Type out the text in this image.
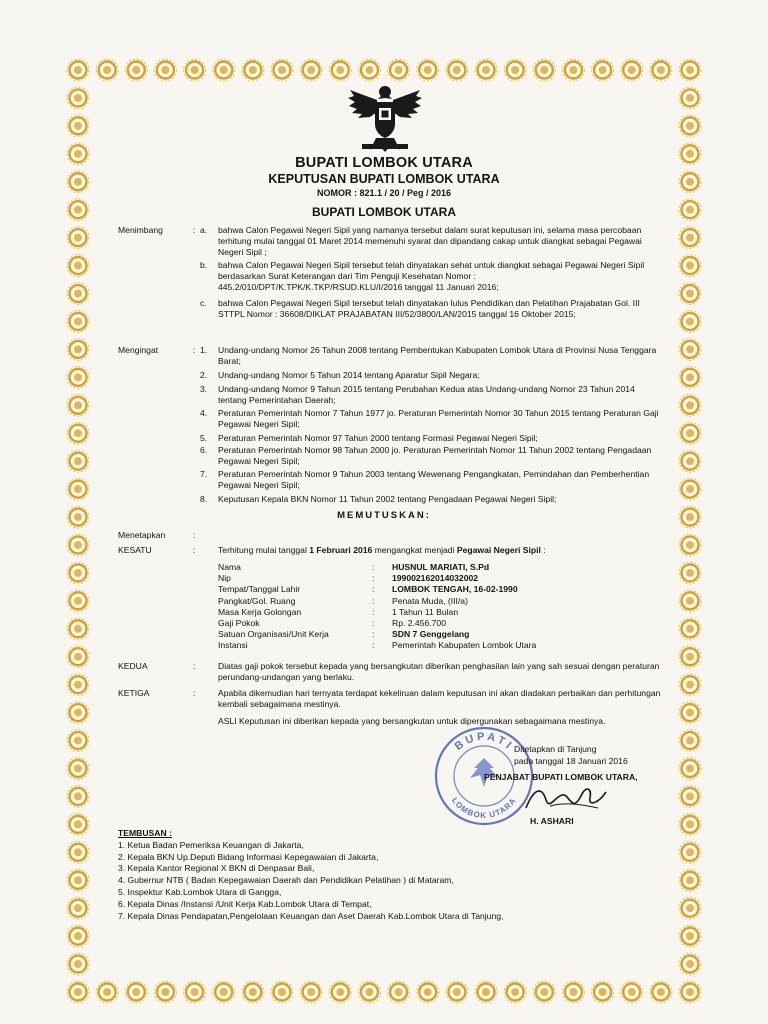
BUPATI LOMBOK UTARA
KEPUTUSAN BUPATI LOMBOK UTARA
NOMOR : 821.1 / 20 / Peg / 2016
BUPATI LOMBOK UTARA
Menimbang	: a.	bahwa Calon Pegawai Negeri Sipil yang namanya tersebut dalam surat keputusan ini, selama masa percobaan terhitung mulai tanggal 01 Maret 2014 memenuhi syarat dan dipandang cakap untuk diangkat sebagai Pegawai Negeri Sipil ;
b.	bahwa Calon Pegawai Negeri Sipil tersebut telah dinyatakan sehat untuk diangkat sebagai Pegawai Negeri Sipil berdasarkan Surat Keterangan dari Tim Penguji Kesehatan Nomor : 445.2/010/DPT/K.TPK/K.TKP/RSUD.KLU/I/2016 tanggal 11 Januari 2016;
c.	bahwa Calon Pegawai Negeri Sipil tersebut telah dinyatakan lulus Pendidikan dan Pelatihan Prajabatan Gol. III STTPL Nomor : 36608/DIKLAT PRAJABATAN III/52/3800/LAN/2015 tanggal 16 Oktober 2015;
Mengingat	: 1.	Undang-undang Nomor 26 Tahun 2008 tentang Pembentukan Kabupaten Lombok Utara di Provinsi Nusa Tenggara Barat;
2.	Undang-undang Nomor 5 Tahun 2014 tentang Aparatur Sipil Negara;
3.	Undang-undang Nomor 9 Tahun 2015 tentang Perubahan Kedua atas Undang-undang Nomor 23 Tahun 2014 tentang Pemerintahan Daerah;
4.	Peraturan Pemerintah Nomor 7 Tahun 1977 jo. Peraturan Pemerintah Nomor 30 Tahun 2015 tentang Peraturan Gaji Pegawai Negeri Sipil;
5.	Peraturan Pemerintah Nomor 97 Tahun 2000 tentang Formasi Pegawai Negeri Sipil;
6.	Peraturan Pemerintah Nomor 98 Tahun 2000 jo. Peraturan Pemerintah Nomor 11 Tahun 2002 tentang Pengadaan Pegawai Negeri Sipil;
7.	Peraturan Pemerintah Nomor 9 Tahun 2003 tentang Wewenang Pengangkatan, Pemindahan dan Pemberhentian Pegawai Negeri Sipil;
8.	Keputusan Kepala BKN Nomor 11 Tahun 2002 tentang Pengadaan Pegawai Negeri Sipil;
MEMUTUSKAN:
Menetapkan	:
KESATU	:	Terhitung mulai tanggal 1 Februari 2016 mengangkat menjadi Pegawai Negeri Sipil :
Nama	: HUSNUL MARIATI, S.Pd
Nip	: 199002162014032002
Tempat/Tanggal Lahir	: LOMBOK TENGAH, 16-02-1990
Pangkat/Gol. Ruang	: Penata Muda, (III/a)
Masa Kerja Golongan	: 1 Tahun 11 Bulan
Gaji Pokok	: Rp. 2.456.700
Satuan Organisasi/Unit Kerja	: SDN 7 Genggelang
Instansi	: Pemerintah Kabupaten Lombok Utara
KEDUA	:	Diatas gaji pokok tersebut kepada yang bersangkutan diberikan penghasilan lain yang sah sesuai dengan peraturan perundang-undangan yang berlaku.
KETIGA	:	Apabila dikemudian hari ternyata terdapat kekeliruan dalam keputusan ini akan diadakan perbaikan dan perhitungan kembali sebagaimana mestinya.
ASLI Keputusan ini diberikan kepada yang bersangkutan untuk dipergunakan sebagaimana mestinya.
BUPATI
LOMBOK UTARA
Ditetapkan di Tanjung
pada tanggal 18 Januari 2016
PENJABAT BUPATI LOMBOK UTARA,
H. ASHARI
TEMBUSAN :
1. Ketua Badan Pemeriksa Keuangan di Jakarta,
2. Kepala BKN Up.Deputi Bidang Informasi Kepegawaian di Jakarta,
3. Kepala Kantor Regional X BKN di Denpasar Bali,
4. Gubernur NTB ( Badan Kepegawaian Daerah dan Pendidikan Pelatihan ) di Mataram,
5. Inspektur Kab.Lombok Utara di Gangga,
6. Kepala Dinas /Instansi /Unit Kerja Kab.Lombok Utara di Tempat,
7. Kepala Dinas Pendapatan,Pengelolaan Keuangan dan Aset Daerah Kab.Lombok Utara di Tanjung,
